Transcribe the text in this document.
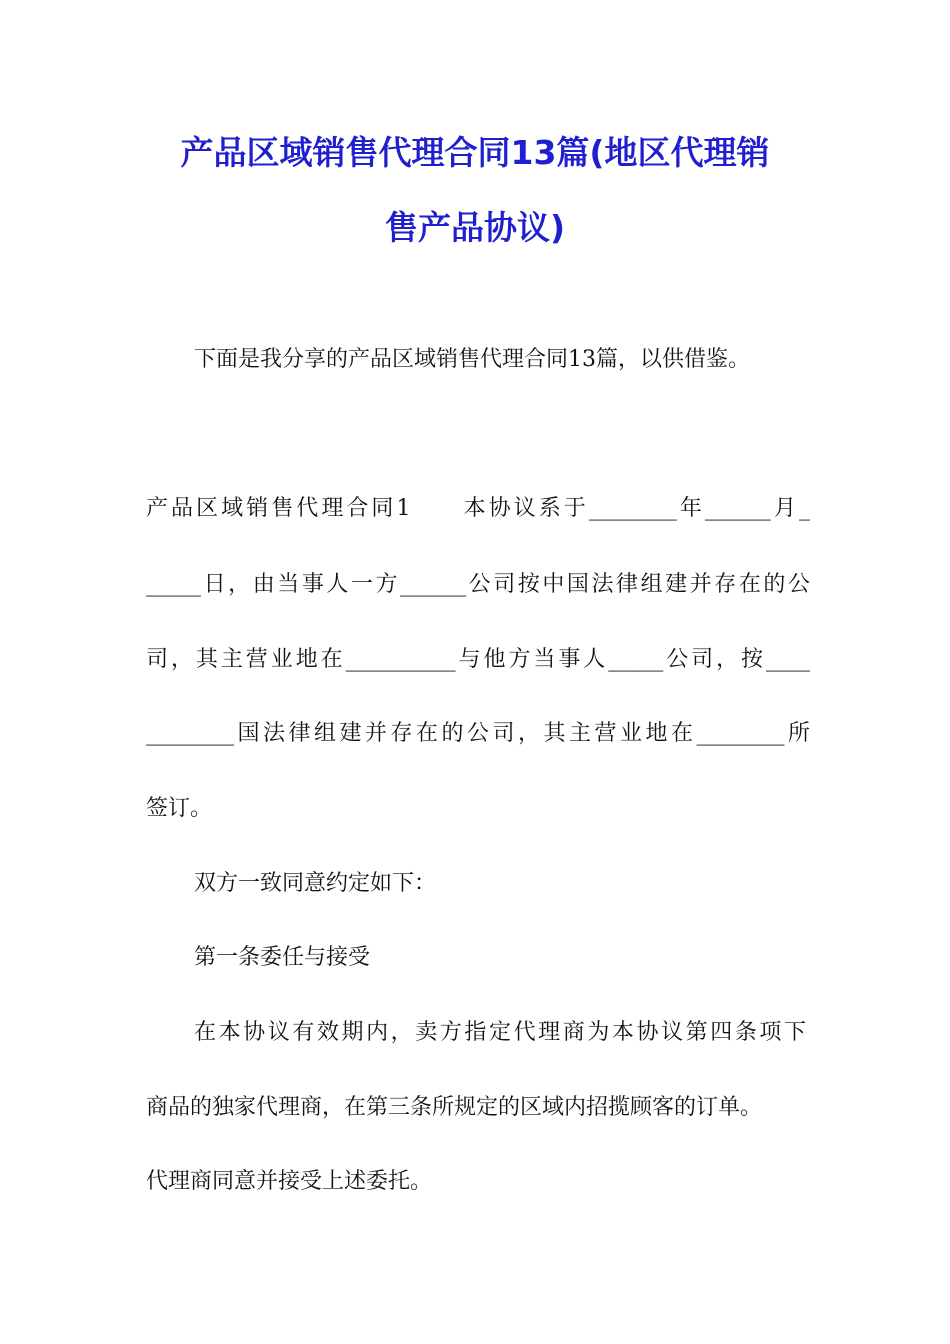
产品区域销售代理合同13篇(地区代理销
售产品协议)

下面是我分享的产品区域销售代理合同13篇，以供借鉴。

产品区域销售代理合同1　　本协议系于________年______月_

_____日，由当事人一方______公司按中国法律组建并存在的公

司，其主营业地在__________与他方当事人_____公司，按____

________国法律组建并存在的公司，其主营业地在________所

签订。

双方一致同意约定如下：

第一条委任与接受

在本协议有效期内，卖方指定代理商为本协议第四条项下

商品的独家代理商，在第三条所规定的区域内招揽顾客的订单。

代理商同意并接受上述委托。
